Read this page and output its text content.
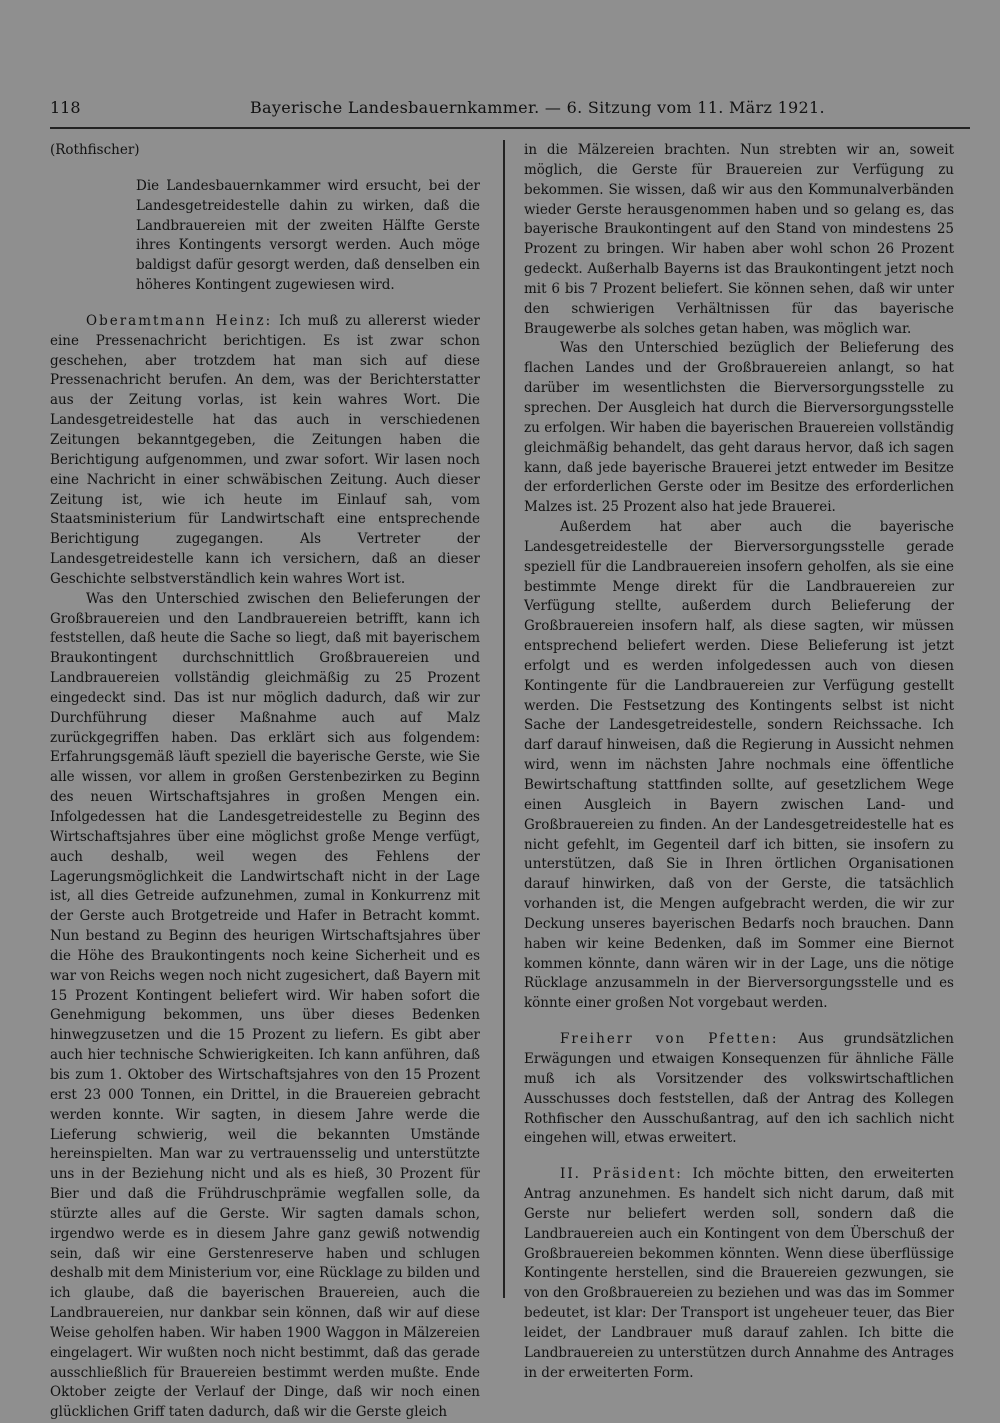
118	Bayerische Landesbauernkammer. — 6. Sitzung vom 11. März 1921.

(Rothfischer)

Die Landesbauernkammer wird ersucht, bei der Landesgetreidestelle dahin zu wirken, daß die Landbrauereien mit der zweiten Hälfte Gerste ihres Kontingents versorgt werden. Auch möge baldigst dafür gesorgt werden, daß denselben ein höheres Kontingent zugewiesen wird.

Oberamtmann Heinz: Ich muß zu allererst wieder eine Pressenachricht berichtigen. Es ist zwar schon geschehen, aber trotzdem hat man sich auf diese Pressenachricht berufen. An dem, was der Berichterstatter aus der Zeitung vorlas, ist kein wahres Wort. Die Landesgetreidestelle hat das auch in verschiedenen Zeitungen bekanntgegeben, die Zeitungen haben die Berichtigung aufgenommen, und zwar sofort. Wir lasen noch eine Nachricht in einer schwäbischen Zeitung. Auch dieser Zeitung ist, wie ich heute im Einlauf sah, vom Staatsministerium für Landwirtschaft eine entsprechende Berichtigung zugegangen. Als Vertreter der Landesgetreidestelle kann ich versichern, daß an dieser Geschichte selbstverständlich kein wahres Wort ist.

Was den Unterschied zwischen den Belieferungen der Großbrauereien und den Landbrauereien betrifft, kann ich feststellen, daß heute die Sache so liegt, daß mit bayerischem Braukontingent durchschnittlich Großbrauereien und Landbrauereien vollständig gleichmäßig zu 25 Prozent eingedeckt sind. Das ist nur möglich dadurch, daß wir zur Durchführung dieser Maßnahme auch auf Malz zurückgegriffen haben. Das erklärt sich aus folgendem: Erfahrungsgemäß läuft speziell die bayerische Gerste, wie Sie alle wissen, vor allem in großen Gerstenbezirken zu Beginn des neuen Wirtschaftsjahres in großen Mengen ein. Infolgedessen hat die Landesgetreidestelle zu Beginn des Wirtschaftsjahres über eine möglichst große Menge verfügt, auch deshalb, weil wegen des Fehlens der Lagerungsmöglichkeit die Landwirtschaft nicht in der Lage ist, all dies Getreide aufzunehmen, zumal in Konkurrenz mit der Gerste auch Brotgetreide und Hafer in Betracht kommt. Nun bestand zu Beginn des heurigen Wirtschaftsjahres über die Höhe des Braukontingents noch keine Sicherheit und es war von Reichs wegen noch nicht zugesichert, daß Bayern mit 15 Prozent Kontingent beliefert wird. Wir haben sofort die Genehmigung bekommen, uns über dieses Bedenken hinwegzusetzen und die 15 Prozent zu liefern. Es gibt aber auch hier technische Schwierigkeiten. Ich kann anführen, daß bis zum 1. Oktober des Wirtschaftsjahres von den 15 Prozent erst 23 000 Tonnen, ein Drittel, in die Brauereien gebracht werden konnte. Wir sagten, in diesem Jahre werde die Lieferung schwierig, weil die bekannten Umstände hereinspielten. Man war zu vertrauensselig und unterstützte uns in der Beziehung nicht und als es hieß, 30 Prozent für Bier und daß die Frühdruschprämie wegfallen solle, da stürzte alles auf die Gerste. Wir sagten damals schon, irgendwo werde es in diesem Jahre ganz gewiß notwendig sein, daß wir eine Gerstenreserve haben und schlugen deshalb mit dem Ministerium vor, eine Rücklage zu bilden und ich glaube, daß die bayerischen Brauereien, auch die Landbrauereien, nur dankbar sein können, daß wir auf diese Weise geholfen haben. Wir haben 1900 Waggon in Mälzereien eingelagert. Wir wußten noch nicht bestimmt, daß das gerade ausschließlich für Brauereien bestimmt werden mußte. Ende Oktober zeigte der Verlauf der Dinge, daß wir noch einen glücklichen Griff taten dadurch, daß wir die Gerste gleich

in die Mälzereien brachten. Nun strebten wir an, soweit möglich, die Gerste für Brauereien zur Verfügung zu bekommen. Sie wissen, daß wir aus den Kommunalverbänden wieder Gerste herausgenommen haben und so gelang es, das bayerische Braukontingent auf den Stand von mindestens 25 Prozent zu bringen. Wir haben aber wohl schon 26 Prozent gedeckt. Außerhalb Bayerns ist das Braukontingent jetzt noch mit 6 bis 7 Prozent beliefert. Sie können sehen, daß wir unter den schwierigen Verhältnissen für das bayerische Braugewerbe als solches getan haben, was möglich war.

Was den Unterschied bezüglich der Belieferung des flachen Landes und der Großbrauereien anlangt, so hat darüber im wesentlichsten die Bierversorgungsstelle zu sprechen. Der Ausgleich hat durch die Bierversorgungsstelle zu erfolgen. Wir haben die bayerischen Brauereien vollständig gleichmäßig behandelt, das geht daraus hervor, daß ich sagen kann, daß jede bayerische Brauerei jetzt entweder im Besitze der erforderlichen Gerste oder im Besitze des erforderlichen Malzes ist. 25 Prozent also hat jede Brauerei.

Außerdem hat aber auch die bayerische Landesgetreidestelle der Bierversorgungsstelle gerade speziell für die Landbrauereien insofern geholfen, als sie eine bestimmte Menge direkt für die Landbrauereien zur Verfügung stellte, außerdem durch Belieferung der Großbrauereien insofern half, als diese sagten, wir müssen entsprechend beliefert werden. Diese Belieferung ist jetzt erfolgt und es werden infolgedessen auch von diesen Kontingente für die Landbrauereien zur Verfügung gestellt werden. Die Festsetzung des Kontingents selbst ist nicht Sache der Landesgetreidestelle, sondern Reichssache. Ich darf darauf hinweisen, daß die Regierung in Aussicht nehmen wird, wenn im nächsten Jahre nochmals eine öffentliche Bewirtschaftung stattfinden sollte, auf gesetzlichem Wege einen Ausgleich in Bayern zwischen Land- und Großbrauereien zu finden. An der Landesgetreidestelle hat es nicht gefehlt, im Gegenteil darf ich bitten, sie insofern zu unterstützen, daß Sie in Ihren örtlichen Organisationen darauf hinwirken, daß von der Gerste, die tatsächlich vorhanden ist, die Mengen aufgebracht werden, die wir zur Deckung unseres bayerischen Bedarfs noch brauchen. Dann haben wir keine Bedenken, daß im Sommer eine Biernot kommen könnte, dann wären wir in der Lage, uns die nötige Rücklage anzusammeln in der Bierversorgungsstelle und es könnte einer großen Not vorgebaut werden.

Freiherr von Pfetten: Aus grundsätzlichen Erwägungen und etwaigen Konsequenzen für ähnliche Fälle muß ich als Vorsitzender des volkswirtschaftlichen Ausschusses doch feststellen, daß der Antrag des Kollegen Rothfischer den Ausschußantrag, auf den ich sachlich nicht eingehen will, etwas erweitert.

II. Präsident: Ich möchte bitten, den erweiterten Antrag anzunehmen. Es handelt sich nicht darum, daß mit Gerste nur beliefert werden soll, sondern daß die Landbrauereien auch ein Kontingent von dem Überschuß der Großbrauereien bekommen könnten. Wenn diese überflüssige Kontingente herstellen, sind die Brauereien gezwungen, sie von den Großbrauereien zu beziehen und was das im Sommer bedeutet, ist klar: Der Transport ist ungeheuer teuer, das Bier leidet, der Landbrauer muß darauf zahlen. Ich bitte die Landbrauereien zu unterstützen durch Annahme des Antrages in der erweiterten Form.
